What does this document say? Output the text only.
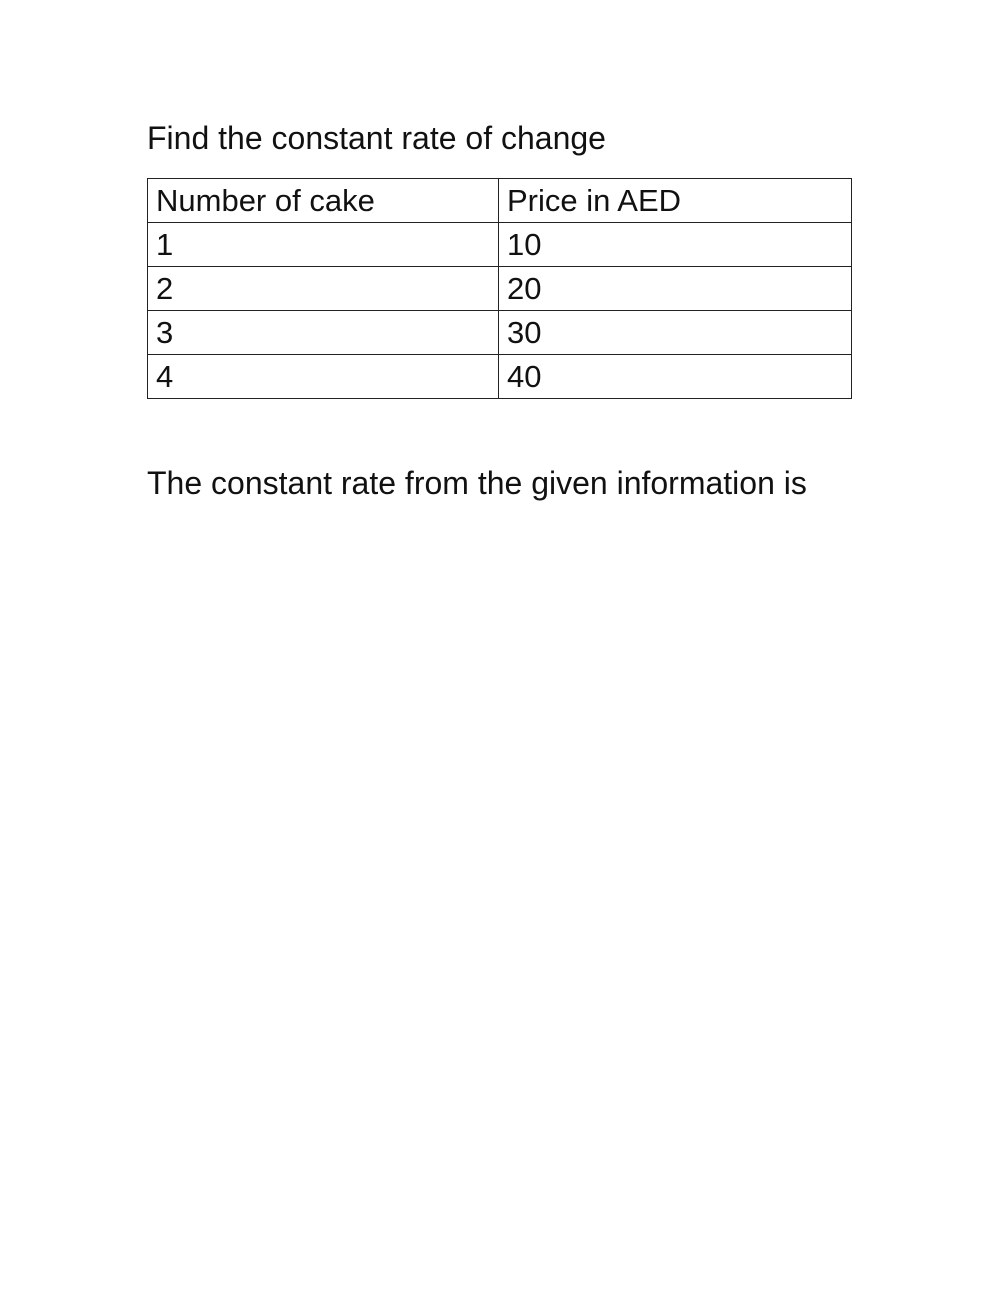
Find the constant rate of change
Number of cake	Price in AED
1	10
2	20
3	30
4	40
The constant rate from the given information is
